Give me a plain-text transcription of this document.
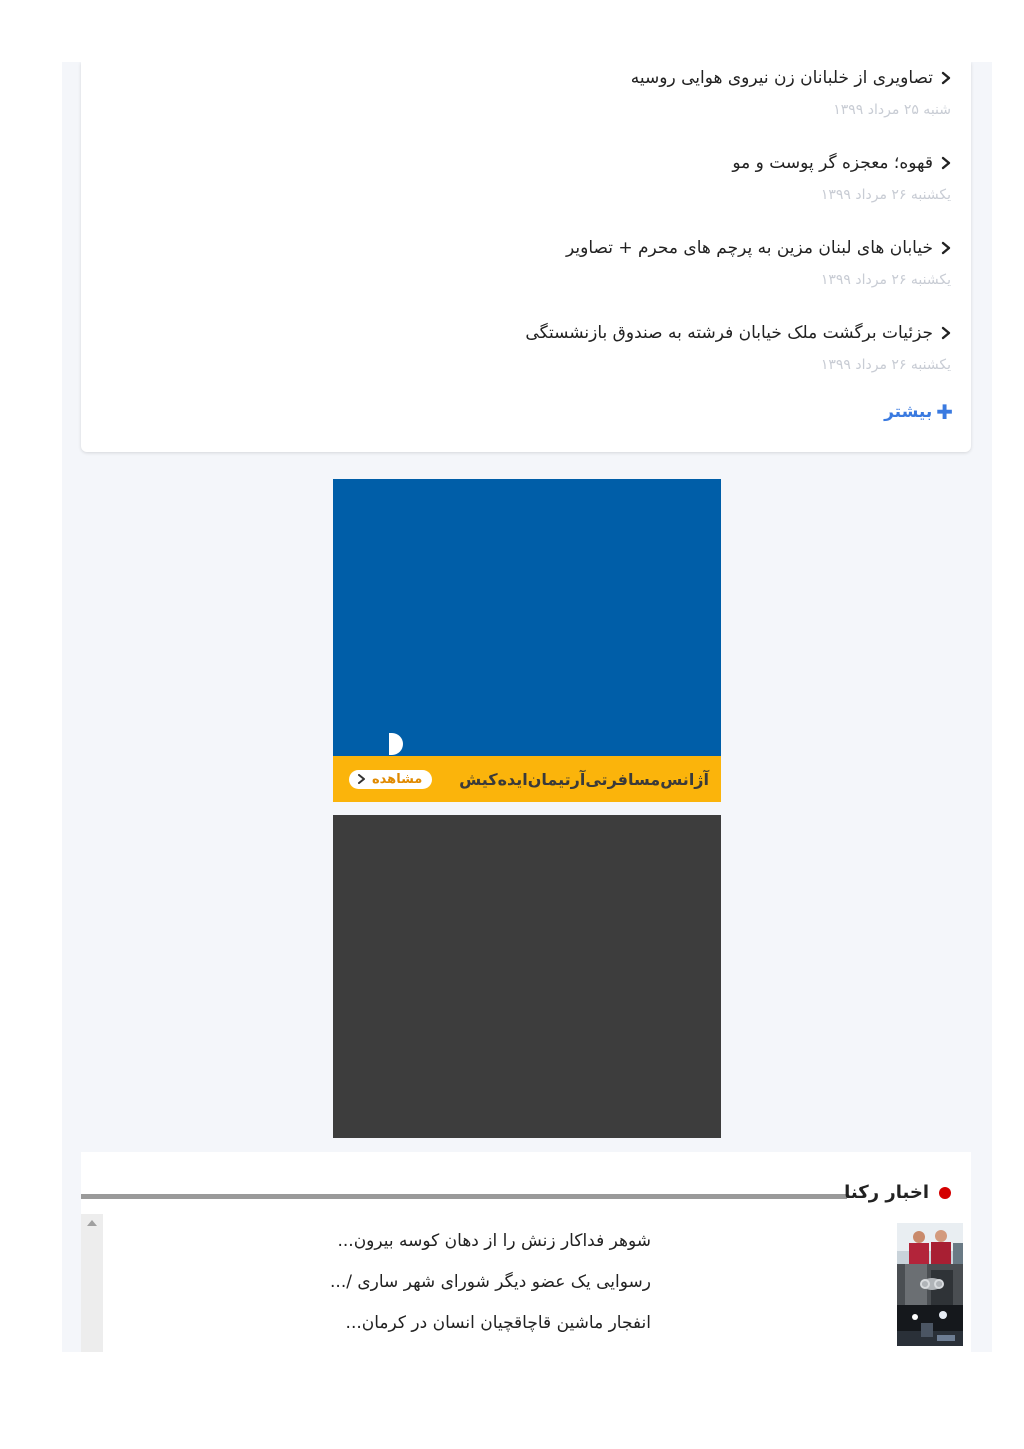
تصاویری از خلبانان زن نیروی هوایی روسیه
شنبه ۲۵ مرداد ۱۳۹۹
قهوه؛ معجزه گر پوست و مو
یکشنبه ۲۶ مرداد ۱۳۹۹
خیابان های لبنان مزین به پرچم های محرم + تصاویر
یکشنبه ۲۶ مرداد ۱۳۹۹
جزئیات برگشت ملک خیابان فرشته به صندوق بازنشستگی
یکشنبه ۲۶ مرداد ۱۳۹۹
✚
بیشتر
مشاهده آژانس‌مسافرتی‌آرتیمان‌ایده‌کیش
اخبار رکنا
شوهر فداکار زنش را از دهان کوسه بیرون...
رسوایی یک عضو دیگر شورای شهر ساری /...
انفجار ماشین قاچاقچیان انسان در کرمان...
